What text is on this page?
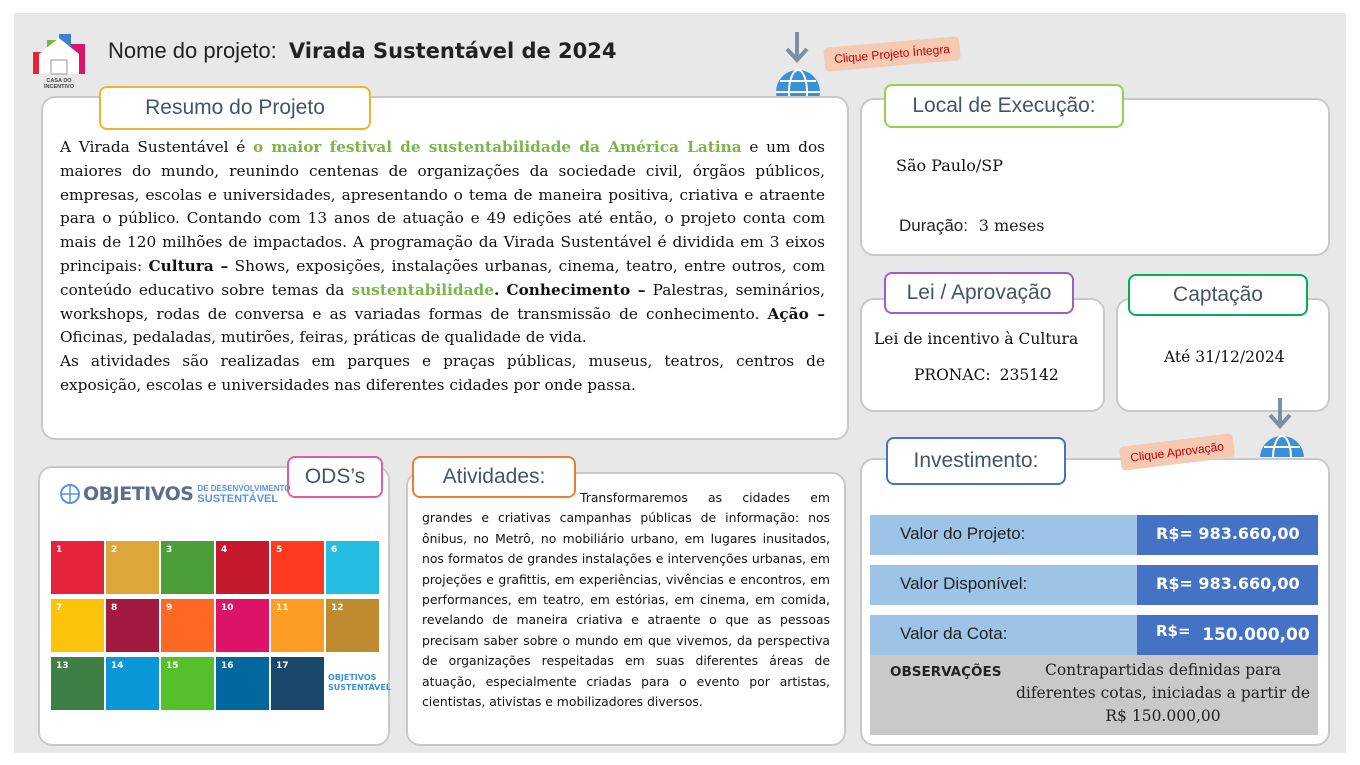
CASA DO INCENTIVO
Nome do projeto: Virada Sustentável de 2024	Clique Projeto Íntegra
Resumo do Projeto
A Virada Sustentável é o maior festival de sustentabilidade da América Latina e um dos maiores do mundo, reunindo centenas de organizações da sociedade civil, órgãos públicos, empresas, escolas e universidades, apresentando o tema de maneira positiva, criativa e atraente para o público. Contando com 13 anos de atuação e 49 edições até então, o projeto conta com mais de 120 milhões de impactados. A programação da Virada Sustentável é dividida em 3 eixos principais: Cultura – Shows, exposições, instalações urbanas, cinema, teatro, entre outros, com conteúdo educativo sobre temas da sustentabilidade. Conhecimento – Palestras, seminários, workshops, rodas de conversa e as variadas formas de transmissão de conhecimento. Ação – Oficinas, pedaladas, mutirões, feiras, práticas de qualidade de vida.
As atividades são realizadas em parques e praças públicas, museus, teatros, centros de exposição, escolas e universidades nas diferentes cidades por onde passa.
Local de Execução:
São Paulo/SP
Duração: 3 meses
Lei / Aprovação
Lei de incentivo à Cultura
PRONAC: 235142
Captação
Até 31/12/2024
Investimento:	Clique Aprovação
Valor do Projeto:	R$= 983.660,00
Valor Disponível:	R$= 983.660,00
Valor da Cota:	R$= 150.000,00
OBSERVAÇÕES	Contrapartidas definidas para diferentes cotas, iniciadas a partir de R$ 150.000,00
ODS’s
OBJETIVOS DE DESENVOLVIMENTO
SUSTENTÁVEL
1	2	3	4	5	6
7	8	9	10	11	12
13	14	15	16	17
OBJETIVOS
SUSTENTÁVEL
Atividades:
Transformaremos as cidades em grandes e criativas campanhas públicas de informação: nos ônibus, no Metrô, no mobiliário urbano, em lugares inusitados, nos formatos de grandes instalações e intervenções urbanas, em projeções e grafittis, em experiências, vivências e encontros, em performances, em teatro, em estórias, em cinema, em comida, revelando de maneira criativa e atraente o que as pessoas precisam saber sobre o mundo em que vivemos, da perspectiva de organizações respeitadas em suas diferentes áreas de atuação, especialmente criadas para o evento por artistas, cientistas, ativistas e mobilizadores diversos.
